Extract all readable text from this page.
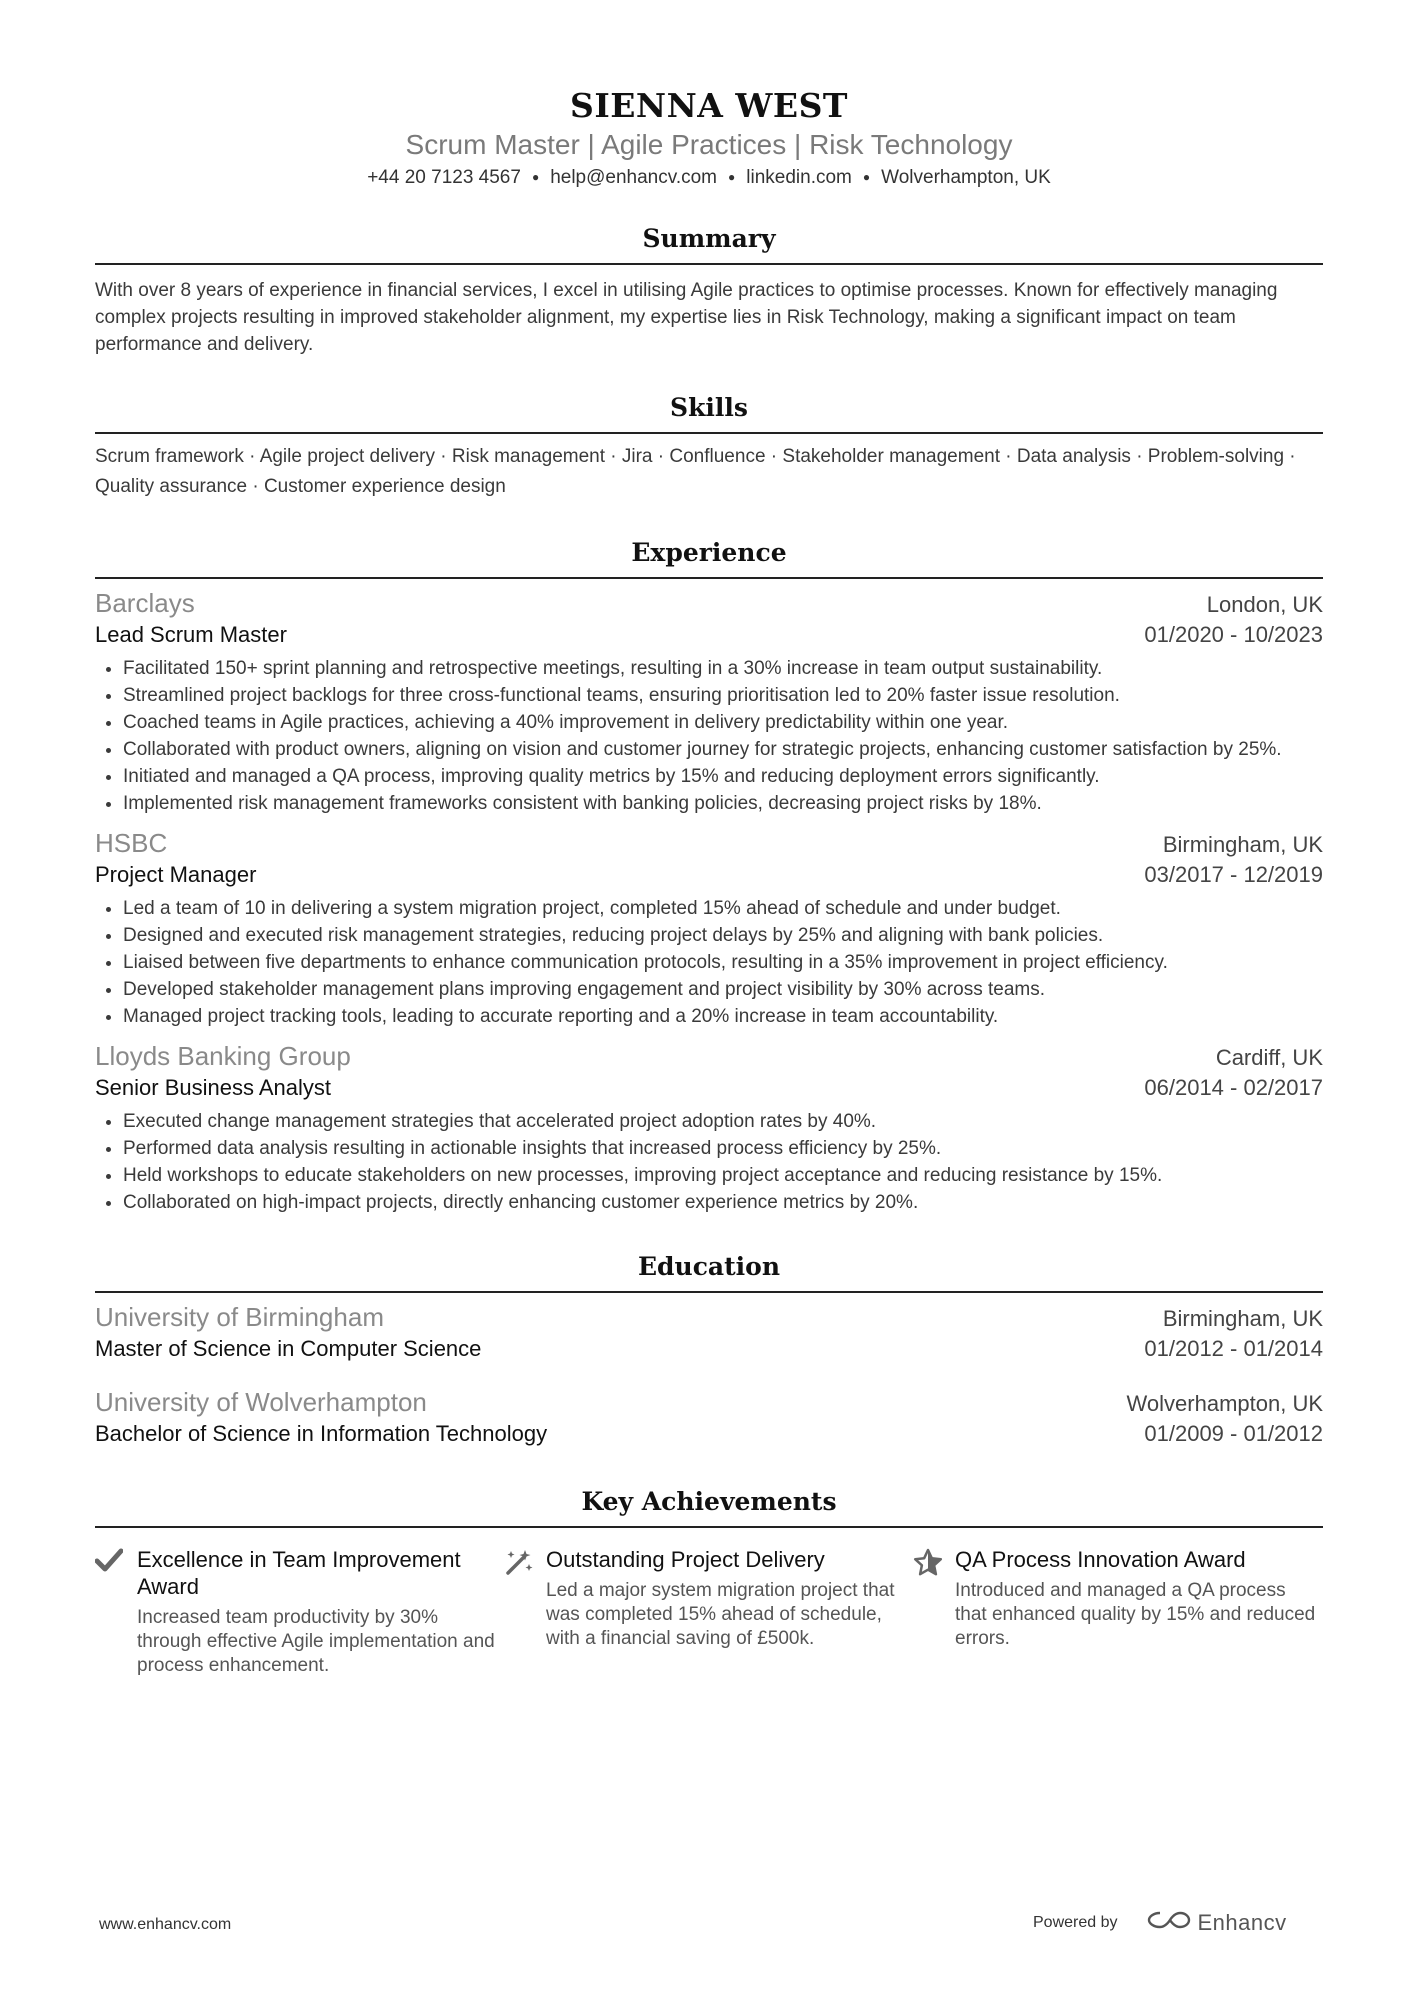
SIENNA WEST
Scrum Master | Agile Practices | Risk Technology
+44 20 7123 4567 ● help@enhancv.com ● linkedin.com ● Wolverhampton, UK
Summary
With over 8 years of experience in financial services, I excel in utilising Agile practices to optimise processes. Known for effectively managing complex projects resulting in improved stakeholder alignment, my expertise lies in Risk Technology, making a significant impact on team performance and delivery.
Skills
Scrum framework · Agile project delivery · Risk management · Jira · Confluence · Stakeholder management · Data analysis · Problem-solving · Quality assurance · Customer experience design
Experience
Barclays	London, UK
Lead Scrum Master	01/2020 - 10/2023
• Facilitated 150+ sprint planning and retrospective meetings, resulting in a 30% increase in team output sustainability.
• Streamlined project backlogs for three cross-functional teams, ensuring prioritisation led to 20% faster issue resolution.
• Coached teams in Agile practices, achieving a 40% improvement in delivery predictability within one year.
• Collaborated with product owners, aligning on vision and customer journey for strategic projects, enhancing customer satisfaction by 25%.
• Initiated and managed a QA process, improving quality metrics by 15% and reducing deployment errors significantly.
• Implemented risk management frameworks consistent with banking policies, decreasing project risks by 18%.
HSBC	Birmingham, UK
Project Manager	03/2017 - 12/2019
• Led a team of 10 in delivering a system migration project, completed 15% ahead of schedule and under budget.
• Designed and executed risk management strategies, reducing project delays by 25% and aligning with bank policies.
• Liaised between five departments to enhance communication protocols, resulting in a 35% improvement in project efficiency.
• Developed stakeholder management plans improving engagement and project visibility by 30% across teams.
• Managed project tracking tools, leading to accurate reporting and a 20% increase in team accountability.
Lloyds Banking Group	Cardiff, UK
Senior Business Analyst	06/2014 - 02/2017
• Executed change management strategies that accelerated project adoption rates by 40%.
• Performed data analysis resulting in actionable insights that increased process efficiency by 25%.
• Held workshops to educate stakeholders on new processes, improving project acceptance and reducing resistance by 15%.
• Collaborated on high-impact projects, directly enhancing customer experience metrics by 20%.
Education
University of Birmingham	Birmingham, UK
Master of Science in Computer Science	01/2012 - 01/2014
University of Wolverhampton	Wolverhampton, UK
Bachelor of Science in Information Technology	01/2009 - 01/2012
Key Achievements
Excellence in Team Improvement Award
Increased team productivity by 30% through effective Agile implementation and process enhancement.
Outstanding Project Delivery
Led a major system migration project that was completed 15% ahead of schedule, with a financial saving of £500k.
QA Process Innovation Award
Introduced and managed a QA process that enhanced quality by 15% and reduced errors.
www.enhancv.com	Powered by	Enhancv
